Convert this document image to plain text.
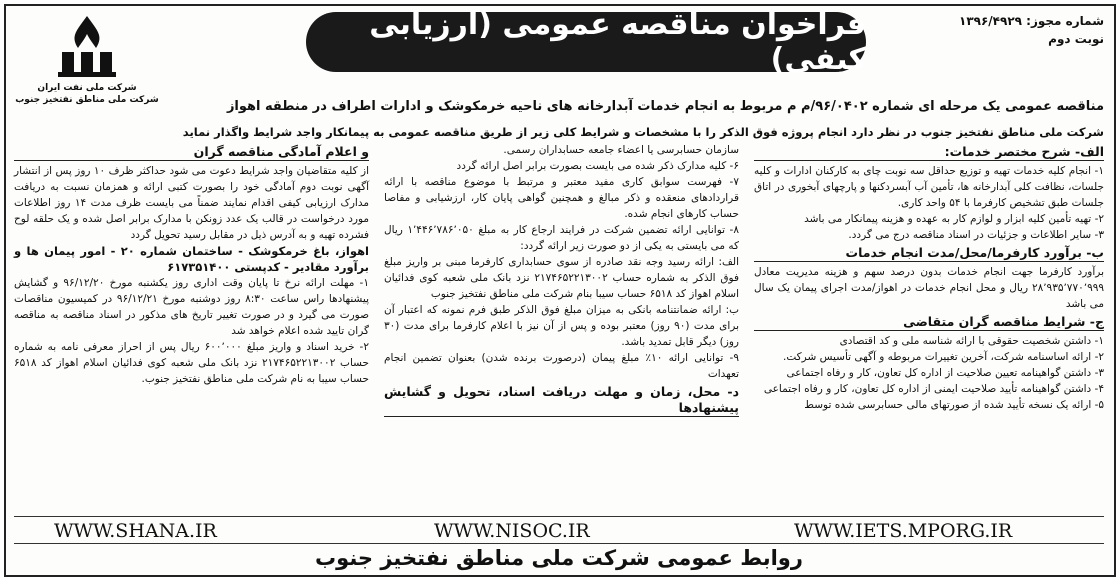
شماره مجوز: ۱۳۹۶/۴۹۲۹
نوبت دوم
فراخوان مناقصه عمومی (ارزیابی کیفی)
شرکت ملی نفت ایران
شرکت ملی مناطق نفتخیز جنوب	مناقصه عمومی یک مرحله ای شماره ۹۶/۰۴۰۲/م م مربوط به انجام خدمات آبدارخانه های ناحیه خرمکوشک و ادارات اطراف در منطقه اهواز
شرکت ملی مناطق نفتخیز جنوب در نظر دارد انجام پروژه فوق الذکر را با مشخصات و شرایط کلی زیر از طریق مناقصه عمومی به پیمانکار واجد شرایط واگذار نماید
الف- شرح مختصر خدمات:

۱- انجام کلیه خدمات تهیه و توزیع حداقل سه نوبت چای به کارکنان ادارات و کلیه جلسات، نظافت کلی آبدارخانه ها، تأمین آب آبسردکنها و پارچهای آبخوری در اتاق جلسات طبق تشخیص کارفرما با ۵۴ واحد کاری.

۲- تهیه تأمین کلیه ابزار و لوازم کار به عهده و هزینه پیمانکار می باشد

۳- سایر اطلاعات و جزئیات در اسناد مناقصه درج می گردد.

ب- برآورد کارفرما/محل/مدت انجام خدمات

برآورد کارفرما جهت انجام خدمات بدون درصد سهم و هزینه مدیریت معادل ۲۸٬۹۳۵٬۷۷۰٬۹۹۹ ریال و محل انجام خدمات در اهواز/مدت اجرای پیمان یک سال می باشد

ج- شرایط مناقصه گران متقاضی

۱- داشتن شخصیت حقوقی با ارائه شناسه ملی و کد اقتصادی

۲- ارائه اساسنامه شرکت، آخرین تغییرات مربوطه و آگهی تأسیس شرکت.

۳- داشتن گواهینامه تعیین صلاحیت از اداره کل تعاون، کار و رفاه اجتماعی

۴- داشتن گواهینامه تأیید صلاحیت ایمنی از اداره کل تعاون، کار و رفاه اجتماعی

۵- ارائه یک نسخه تأیید شده از صورتهای مالی حسابرسی شده توسط

سازمان حسابرسی یا اعضاء جامعه حسابداران رسمی.

۶- کلیه مدارک ذکر شده می بایست بصورت برابر اصل ارائه گردد

۷- فهرست سوابق کاری مفید معتبر و مرتبط با موضوع مناقصه با ارائه قراردادهای منعقده و ذکر مبالغ و همچنین گواهی پایان کار، ارزشیابی و مفاصا حساب کارهای انجام شده.

۸- توانایی ارائه تضمین شرکت در فرایند ارجاع کار به مبلغ ۱٬۴۴۶٬۷۸۶٬۰۵۰ ریال که می بایستی به یکی از دو صورت زیر ارائه گردد:

الف: ارائه رسید وجه نقد صادره از سوی حسابداری کارفرما مبنی بر واریز مبلغ فوق الذکر به شماره حساب ۲۱۷۴۶۵۲۲۱۳۰۰۲ نزد بانک ملی شعبه کوی فدائیان اسلام اهواز کد ۶۵۱۸ حساب سیبا بنام شرکت ملی مناطق نفتخیز جنوب

ب: ارائه ضمانتنامه بانکی به میزان مبلغ فوق الذکر طبق فرم نمونه که اعتبار آن برای مدت (۹۰ روز) معتبر بوده و پس از آن نیز با اعلام کارفرما برای مدت (۳۰ روز) دیگر قابل تمدید باشد.

۹- توانایی ارائه ۱۰٪ مبلغ پیمان (درصورت برنده شدن) بعنوان تضمین انجام تعهدات

د- محل، زمان و مهلت دریافت اسناد، تحویل و گشایش پیشنهادها
و اعلام آمادگی مناقصه گران

از کلیه متقاضیان واجد شرایط دعوت می شود حداکثر ظرف ۱۰ روز پس از انتشار آگهی نوبت دوم آمادگی خود را بصورت کتبی ارائه و همزمان نسبت به دریافت مدارک ارزیابی کیفی اقدام نمایند ضمناً می بایست ظرف مدت ۱۴ روز اطلاعات مورد درخواست در قالب یک عدد زونکن با مدارک برابر اصل شده و یک حلقه لوح فشرده تهیه و به آدرس ذیل در مقابل رسید تحویل گردد

اهواز، باغ خرمکوشک - ساختمان شماره ۲۰ - امور پیمان ها و برآورد مقادیر - کدپستی ۶۱۷۳۵۱۴۰۰

۱- مهلت ارائه نرخ تا پایان وقت اداری روز یکشنبه مورخ ۹۶/۱۲/۲۰ و گشایش پیشنهادها راس ساعت ۸:۳۰ روز دوشنبه مورخ ۹۶/۱۲/۲۱ در کمیسیون مناقصات صورت می گیرد و در صورت تغییر تاریخ های مذکور در اسناد مناقصه به مناقصه گران تایید شده اعلام خواهد شد

۲- خرید اسناد و واریز مبلغ ۶۰۰٬۰۰۰ ریال پس از احراز معرفی نامه به شماره حساب ۲۱۷۴۶۵۲۲۱۳۰۰۲ نزد بانک ملی شعبه کوی فدائیان اسلام اهواز کد ۶۵۱۸ حساب سیبا به نام شرکت ملی مناطق نفتخیز جنوب.

WWW.SHANA.IR	WWW.NISOC.IR	WWW.IETS.MPORG.IR
روابط عمومی شرکت ملی مناطق نفتخیز جنوب
